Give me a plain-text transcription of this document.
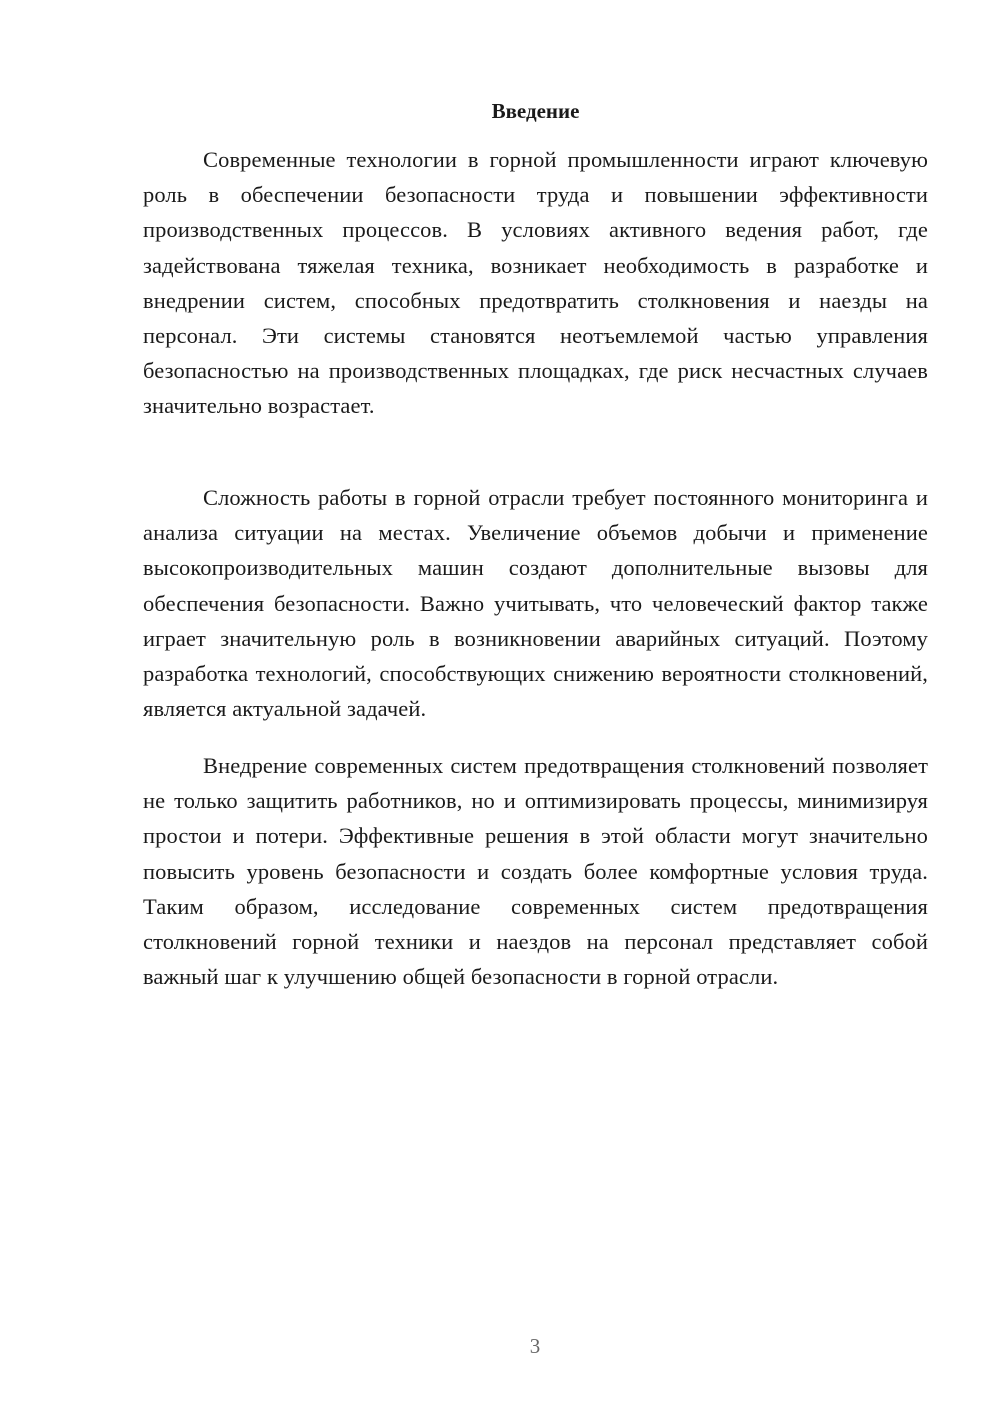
Введение

Современные технологии в горной промышленности играют ключевую роль в обеспечении безопасности труда и повышении эффективности производственных процессов. В условиях активного ведения работ, где задействована тяжелая техника, возникает необходимость в разработке и внедрении систем, способных предотвратить столкновения и наезды на персонал. Эти системы становятся неотъемлемой частью управления безопасностью на производственных площадках, где риск несчастных случаев значительно возрастает.

Сложность работы в горной отрасли требует постоянного мониторинга и анализа ситуации на местах. Увеличение объемов добычи и применение высокопроизводительных машин создают дополнительные вызовы для обеспечения безопасности. Важно учитывать, что человеческий фактор также играет значительную роль в возникновении аварийных ситуаций. Поэтому разработка технологий, способствующих снижению вероятности столкновений, является актуальной задачей.

Внедрение современных систем предотвращения столкновений позволяет не только защитить работников, но и оптимизировать процессы, минимизируя простои и потери. Эффективные решения в этой области могут значительно повысить уровень безопасности и создать более комфортные условия труда. Таким образом, исследование современных систем предотвращения столкновений горной техники и наездов на персонал представляет собой важный шаг к улучшению общей безопасности в горной отрасли.

3
